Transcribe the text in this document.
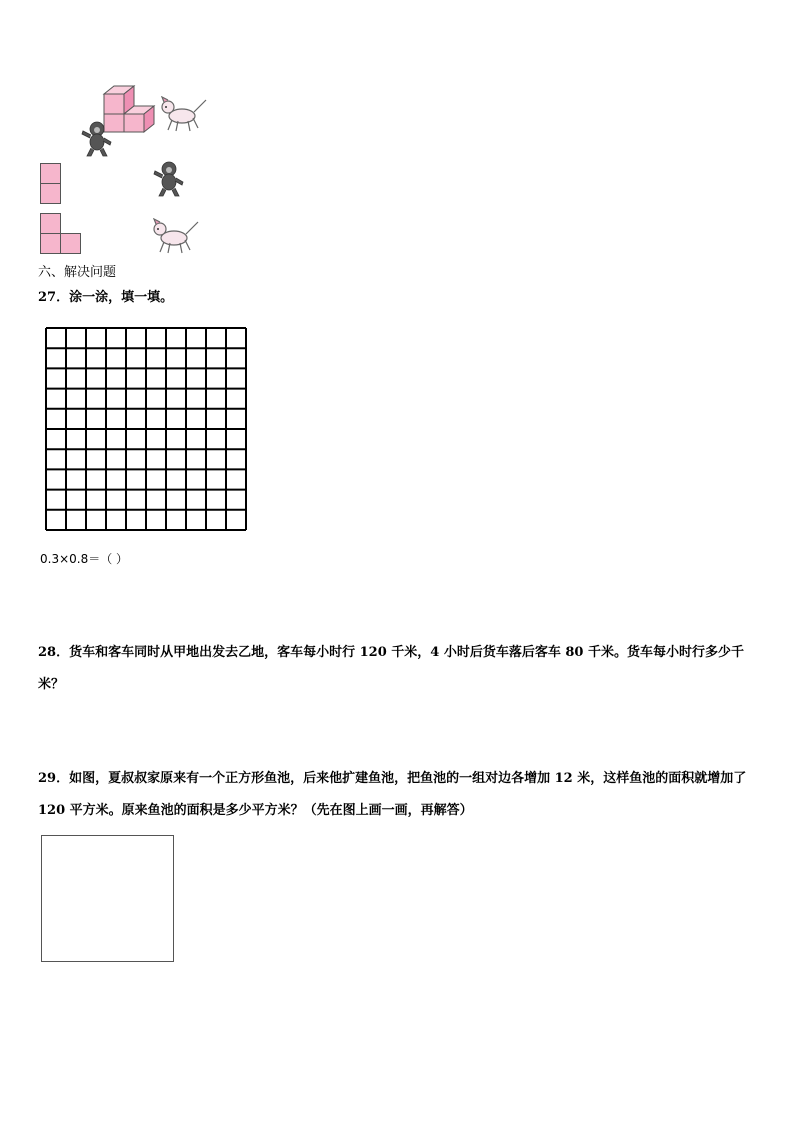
六、解决问题
27．涂一涂，填一填。
0.3×0.8＝（ ）
28．货车和客车同时从甲地出发去乙地，客车每小时行 120 千米，4 小时后货车落后客车 80 千米。货车每小时行多少千米？
29．如图，夏叔叔家原来有一个正方形鱼池，后来他扩建鱼池，把鱼池的一组对边各增加 12 米，这样鱼池的面积就增加了 120 平方米。原来鱼池的面积是多少平方米？（先在图上画一画，再解答）
